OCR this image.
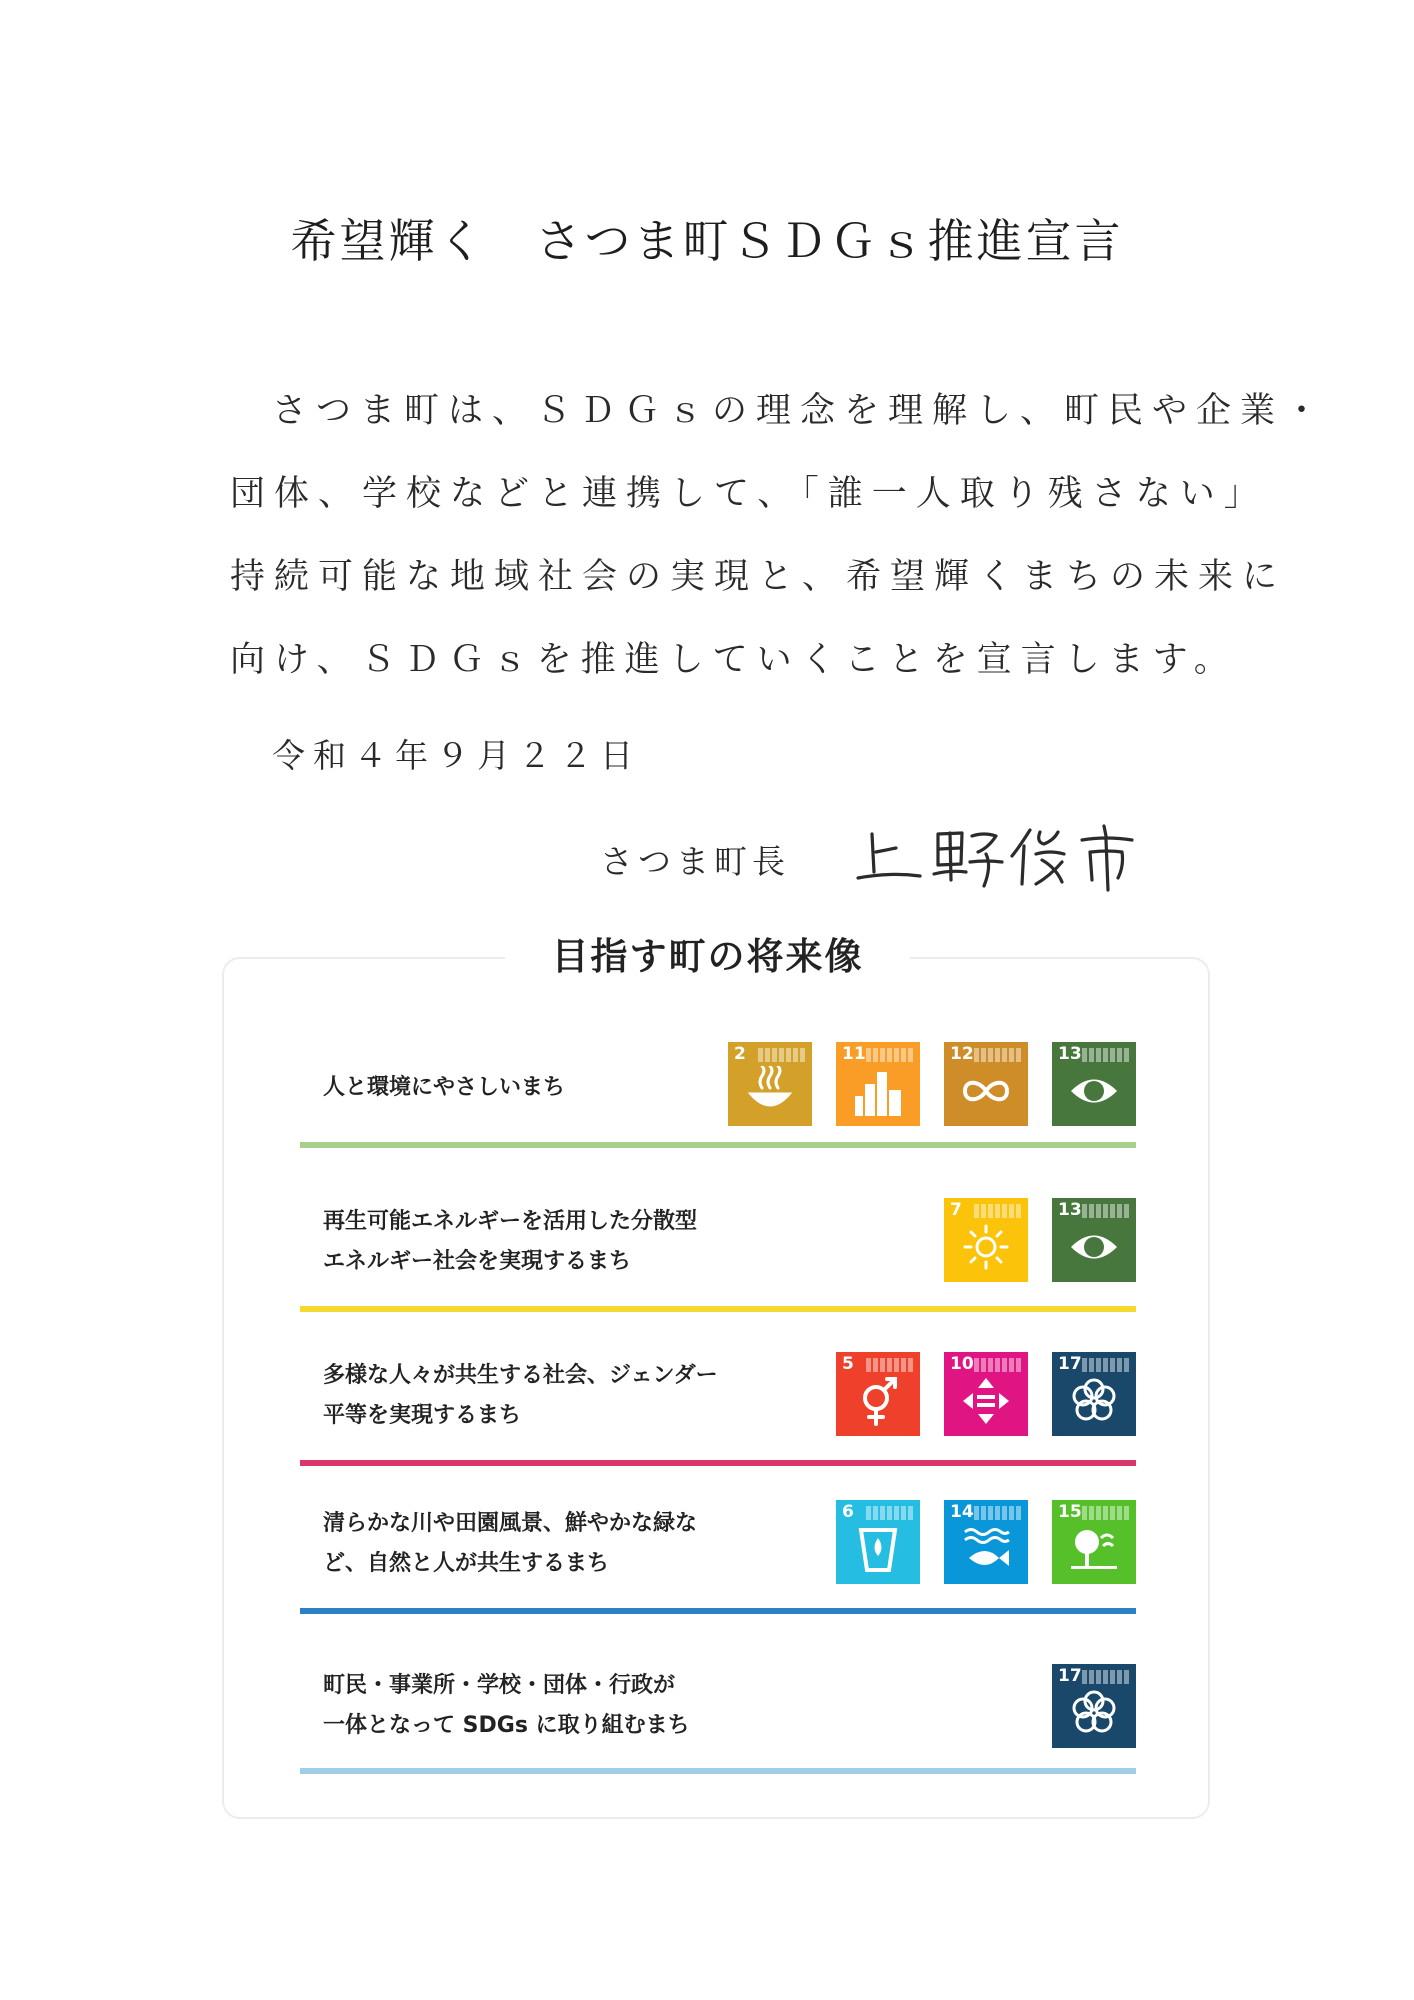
希望輝く　さつま町ＳＤＧｓ推進宣言
さつま町は、ＳＤＧｓの理念を理解し、町民や企業・
団体、学校などと連携して、「誰一人取り残さない」
持続可能な地域社会の実現と、希望輝くまちの未来に
向け、ＳＤＧｓを推進していくことを宣言します。
令和４年９月２２日
さつま町長
目指す町の将来像
人と環境にやさしいまち
2	11	12	13
再生可能エネルギーを活用した分散型
エネルギー社会を実現するまち
7	13
多様な人々が共生する社会、ジェンダー
平等を実現するまち
5	10	17
清らかな川や田園風景、鮮やかな緑な
ど、自然と人が共生するまち
6	14	15
町民・事業所・学校・団体・行政が
一体となって SDGs に取り組むまち
17
